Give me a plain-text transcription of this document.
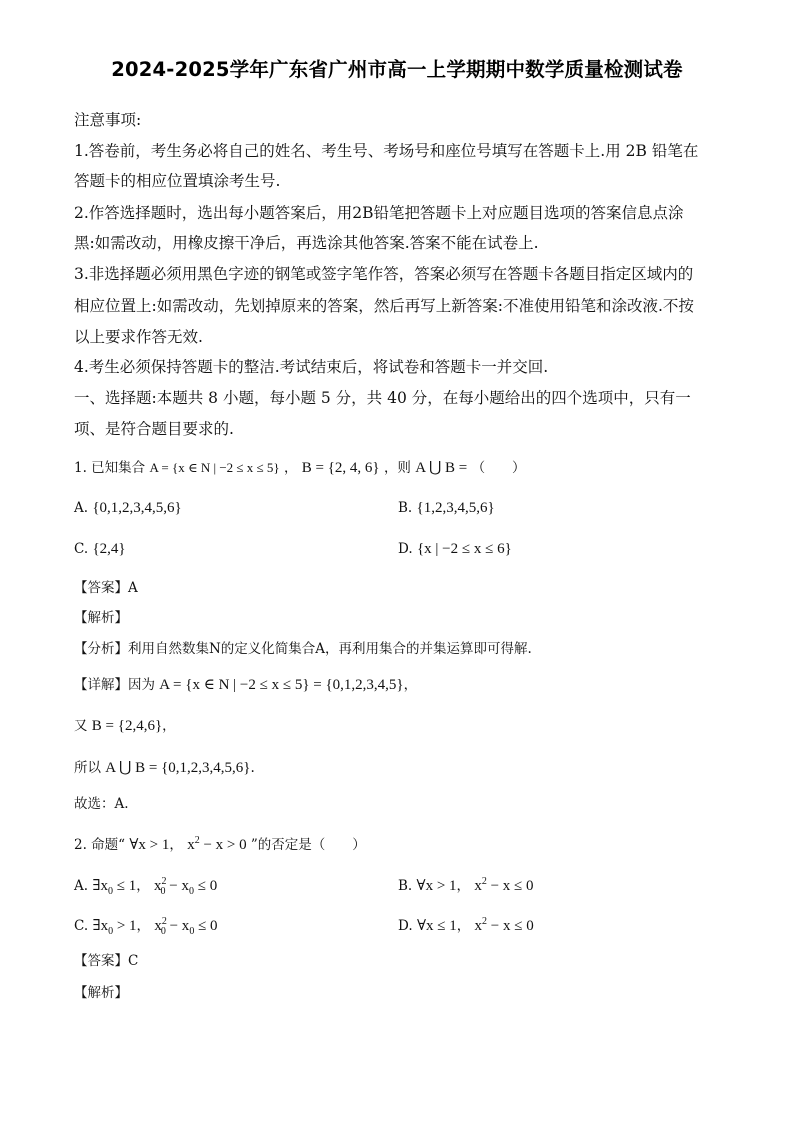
2024-2025学年广东省广州市高一上学期期中数学质量检测试卷
注意事项:
1.答卷前，考生务必将自己的姓名、考生号、考场号和座位号填写在答题卡上.用 2B 铅笔在
答题卡的相应位置填涂考生号.
2.作答选择题时，选出每小题答案后，用2B铅笔把答题卡上对应题目选项的答案信息点涂
黑:如需改动，用橡皮擦干净后，再选涂其他答案.答案不能在试卷上.
3.非选择题必须用黑色字迹的钢笔或签字笔作答，答案必须写在答题卡各题目指定区域内的
相应位置上:如需改动，先划掉原来的答案，然后再写上新答案:不准使用铅笔和涂改液.不按
以上要求作答无效.
4.考生必须保持答题卡的整洁.考试结束后，将试卷和答题卡一并交回.
一、选择题:本题共 8 小题，每小题 5 分，共 40 分，在每小题给出的四个选项中，只有一
项、是符合题目要求的.
1. 已知集合 A = {x ∈ N | −2 ≤ x ≤ 5} ， B = {2, 4, 6} ，则 A ⋃ B = （　　）
A. {0,1,2,3,4,5,6}	B. {1,2,3,4,5,6}
C. {2,4}	D. {x | −2 ≤ x ≤ 6}
【答案】A
【解析】
【分析】利用自然数集N的定义化简集合A，再利用集合的并集运算即可得解.
【详解】因为 A = {x ∈ N | −2 ≤ x ≤ 5} = {0,1,2,3,4,5}，
又 B = {2,4,6}，
所以 A ⋃ B = {0,1,2,3,4,5,6}.
故选：A.
2. 命题“ ∀x > 1， $x^2 - x > 0$ ”的否定是（　　）
A. $\exists x_0 \le 1$， $x^2_0 - x_0 \le 0$	B. ∀x > 1， $x^2 - x \le 0$
C. $\exists x_0 > 1$， $x^2_0 - x_0 \le 0$	D. ∀x ≤ 1， $x^2 - x \le 0$
【答案】C
【解析】
